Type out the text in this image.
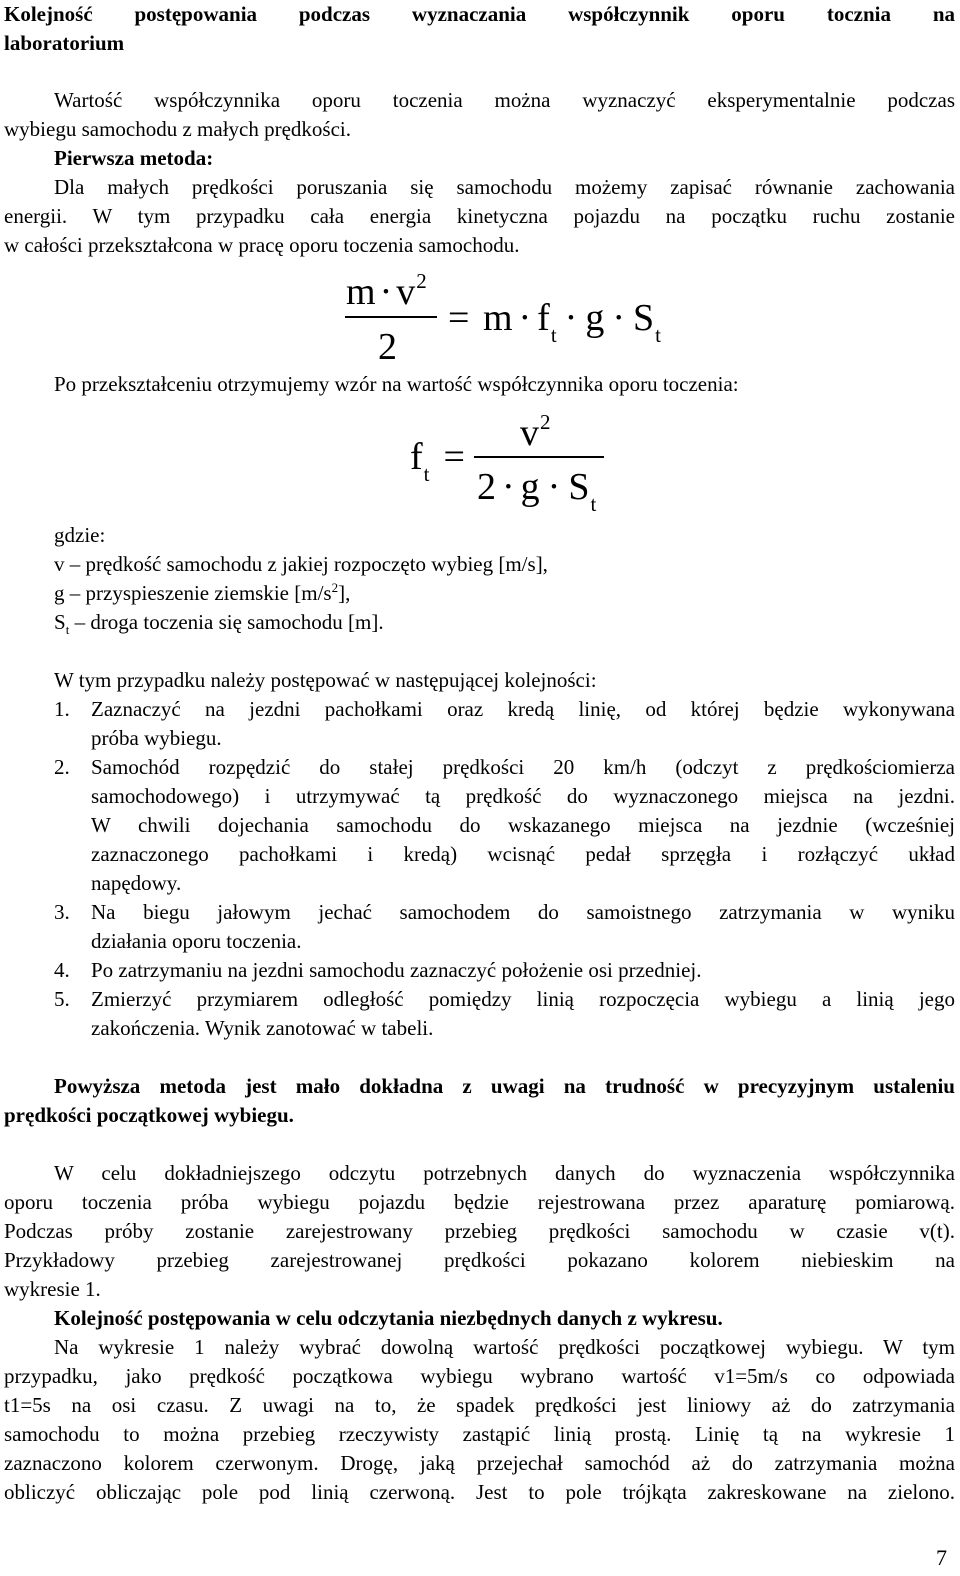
Kolejność postępowania podczas wyznaczania współczynnik oporu tocznia na
laboratorium
Wartość współczynnika oporu toczenia można wyznaczyć eksperymentalnie podczas
wybiegu samochodu z małych prędkości.
Pierwsza metoda:
Dla małych prędkości poruszania się samochodu możemy zapisać równanie zachowania
energii. W tym przypadku cała energia kinetyczna pojazdu na początku ruchu zostanie
w całości przekształcona w pracę oporu toczenia samochodu.
$m \cdot v^2$
2
= $m \cdot f_t \cdot g \cdot S_t$
Po przekształceniu otrzymujemy wzór na wartość współczynnika oporu toczenia:
$f_t$ =
$v^2$
$2 \cdot g \cdot S_t$
gdzie:
v – prędkość samochodu z jakiej rozpoczęto wybieg [m/s],
g – przyspieszenie ziemskie $[m/s^2]$,
$S_t$ – droga toczenia się samochodu [m].
W tym przypadku należy postępować w następującej kolejności:
1. Zaznaczyć na jezdni pachołkami oraz kredą linię, od której będzie wykonywana
próba wybiegu.
2. Samochód rozpędzić do stałej prędkości 20 km/h (odczyt z prędkościomierza
samochodowego) i utrzymywać tą prędkość do wyznaczonego miejsca na jezdni.
W chwili dojechania samochodu do wskazanego miejsca na jezdnie (wcześniej
zaznaczonego pachołkami i kredą) wcisnąć pedał sprzęgła i rozłączyć układ
napędowy.
3. Na biegu jałowym jechać samochodem do samoistnego zatrzymania w wyniku
działania oporu toczenia.
4. Po zatrzymaniu na jezdni samochodu zaznaczyć położenie osi przedniej.
5. Zmierzyć przymiarem odległość pomiędzy linią rozpoczęcia wybiegu a linią jego
zakończenia. Wynik zanotować w tabeli.
Powyższa metoda jest mało dokładna z uwagi na trudność w precyzyjnym ustaleniu
prędkości początkowej wybiegu.
W celu dokładniejszego odczytu potrzebnych danych do wyznaczenia współczynnika
oporu toczenia próba wybiegu pojazdu będzie rejestrowana przez aparaturę pomiarową.
Podczas próby zostanie zarejestrowany przebieg prędkości samochodu w czasie v(t).
Przykładowy przebieg zarejestrowanej prędkości pokazano kolorem niebieskim na
wykresie 1.
Kolejność postępowania w celu odczytania niezbędnych danych z wykresu.
Na wykresie 1 należy wybrać dowolną wartość prędkości początkowej wybiegu. W tym
przypadku, jako prędkość początkowa wybiegu wybrano wartość v1=5m/s co odpowiada
t1=5s na osi czasu. Z uwagi na to, że spadek prędkości jest liniowy aż do zatrzymania
samochodu to można przebieg rzeczywisty zastąpić linią prostą. Linię tą na wykresie 1
zaznaczono kolorem czerwonym. Drogę, jaką przejechał samochód aż do zatrzymania można
obliczyć obliczając pole pod linią czerwoną. Jest to pole trójkąta zakreskowane na zielono.
7
